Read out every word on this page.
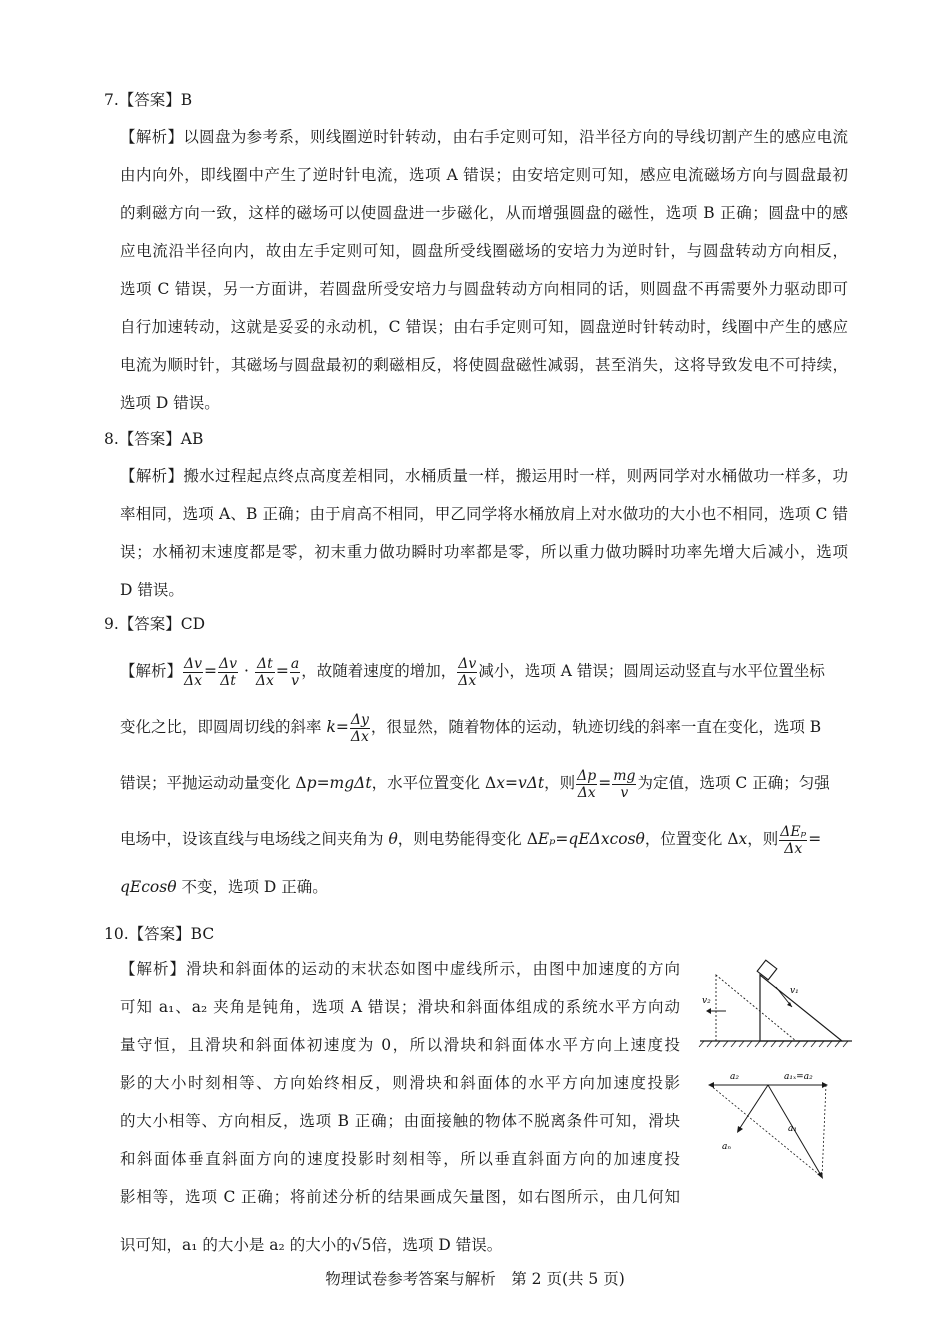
7.【答案】B
【解析】以圆盘为参考系，则线圈逆时针转动，由右手定则可知，沿半径方向的导线切割产生的感应电流
由内向外，即线圈中产生了逆时针电流，选项 A 错误；由安培定则可知，感应电流磁场方向与圆盘最初
的剩磁方向一致，这样的磁场可以使圆盘进一步磁化，从而增强圆盘的磁性，选项 B 正确；圆盘中的感
应电流沿半径向内，故由左手定则可知，圆盘所受线圈磁场的安培力为逆时针，与圆盘转动方向相反，
选项 C 错误，另一方面讲，若圆盘所受安培力与圆盘转动方向相同的话，则圆盘不再需要外力驱动即可
自行加速转动，这就是妥妥的永动机，C 错误；由右手定则可知，圆盘逆时针转动时，线圈中产生的感应
电流为顺时针，其磁场与圆盘最初的剩磁相反，将使圆盘磁性减弱，甚至消失，这将导致发电不可持续，
选项 D 错误。
8.【答案】AB
【解析】搬水过程起点终点高度差相同，水桶质量一样，搬运用时一样，则两同学对水桶做功一样多，功
率相同，选项 A、B 正确；由于肩高不相同，甲乙同学将水桶放肩上对水做功的大小也不相同，选项 C 错
误；水桶初末速度都是零，初末重力做功瞬时功率都是零，所以重力做功瞬时功率先增大后减小，选项
D 错误。
9.【答案】CD
【解析】 $\frac{\Delta v}{\Delta x} = \frac{\Delta v}{\Delta t} \cdot \frac{\Delta t}{\Delta x} = \frac{a}{v}$ ，故随着速度的增加， $\frac{\Delta v}{\Delta x}$ 减小，选项 A 错误；圆周运动竖直与水平位置坐标
变化之比，即圆周切线的斜率 $k= \frac{\Delta y}{\Delta x}$ ，很显然，随着物体的运动，轨迹切线的斜率一直在变化，选项 B
错误；平抛运动动量变化 Δp=mgΔt，水平位置变化 Δx=vΔt，则 $\frac{\Delta p}{\Delta x} = \frac{mg}{v}$ 为定值，选项 C 正确；匀强
电场中，设该直线与电场线之间夹角为 θ，则电势能得变化 ΔEₚ=qEΔxcosθ，位置变化 Δx，则 $\frac{\text{ΔEₚ}}{\Delta x}$ =
qEcosθ 不变，选项 D 正确。
10.【答案】BC
【解析】滑块和斜面体的运动的末状态如图中虚线所示，由图中加速度的方向
可知 a₁、a₂ 夹角是钝角，选项 A 错误；滑块和斜面体组成的系统水平方向动
量守恒，且滑块和斜面体初速度为 0，所以滑块和斜面体水平方向上速度投
影的大小时刻相等、方向始终相反，则滑块和斜面体的水平方向加速度投影
的大小相等、方向相反，选项 B 正确；由面接触的物体不脱离条件可知，滑块
和斜面体垂直斜面方向的速度投影时刻相等，所以垂直斜面方向的加速度投
影相等，选项 C 正确；将前述分析的结果画成矢量图，如右图所示，由几何知
识可知，a₁ 的大小是 a₂ 的大小的√5倍，选项 D 错误。
v₁
v₂
a₂	a₁ₓ=a₂
a₁
aₙ
物理试卷参考答案与解析　第 2 页(共 5 页)
